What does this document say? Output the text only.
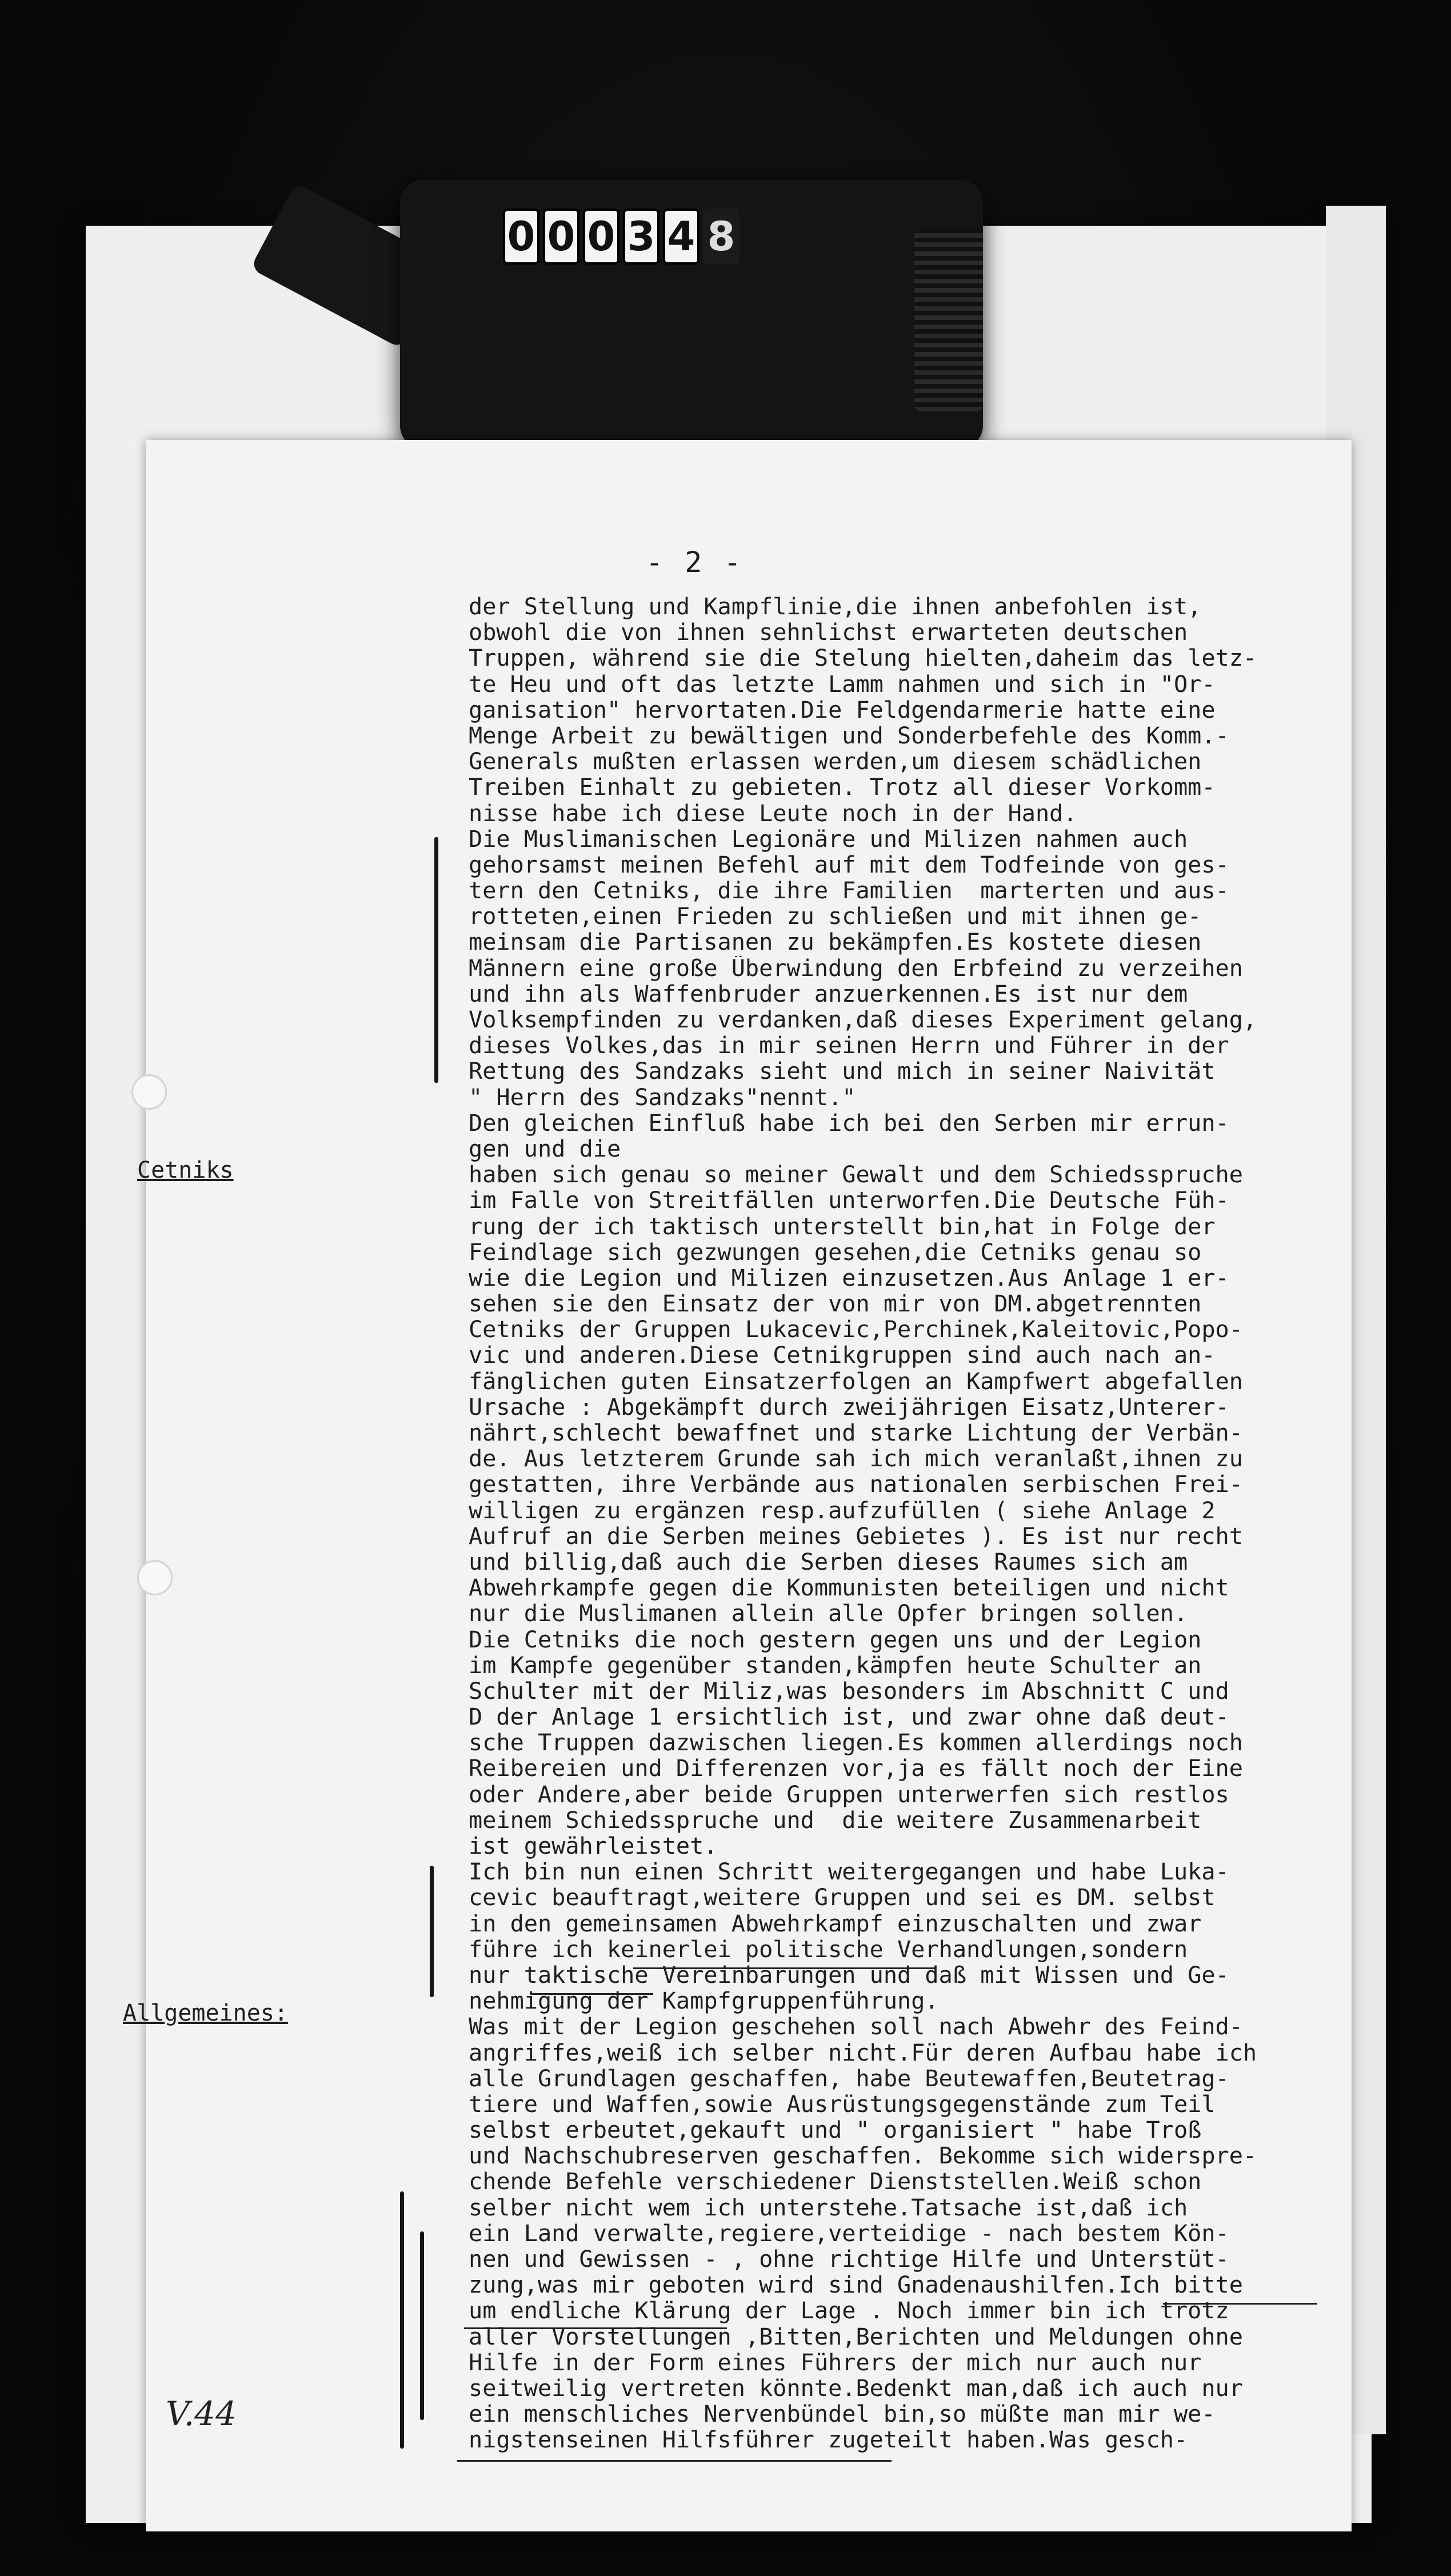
0 0 0 3 4 8
- 2 -
Cetniks
Allgemeines:
V.44
der Stellung und Kampflinie,die ihnen anbefohlen ist,
obwohl die von ihnen sehnlichst erwarteten deutschen
Truppen, während sie die Stelung hielten,daheim das letz-
te Heu und oft das letzte Lamm nahmen und sich in "Or-
ganisation" hervortaten.Die Feldgendarmerie hatte eine
Menge Arbeit zu bewältigen und Sonderbefehle des Komm.-
Generals mußten erlassen werden,um diesem schädlichen
Treiben Einhalt zu gebieten. Trotz all dieser Vorkomm-
nisse habe ich diese Leute noch in der Hand.
Die Muslimanischen Legionäre und Milizen nahmen auch
gehorsamst meinen Befehl auf mit dem Todfeinde von ges-
tern den Cetniks, die ihre Familien  marterten und aus-
rotteten,einen Frieden zu schließen und mit ihnen ge-
meinsam die Partisanen zu bekämpfen.Es kostete diesen
Männern eine große Überwindung den Erbfeind zu verzeihen
und ihn als Waffenbruder anzuerkennen.Es ist nur dem
Volksempfinden zu verdanken,daß dieses Experiment gelang,
dieses Volkes,das in mir seinen Herrn und Führer in der
Rettung des Sandzaks sieht und mich in seiner Naivität
" Herrn des Sandzaks"nennt."
Den gleichen Einfluß habe ich bei den Serben mir errun-
gen und die
haben sich genau so meiner Gewalt und dem Schiedsspruche
im Falle von Streitfällen unterworfen.Die Deutsche Füh-
rung der ich taktisch unterstellt bin,hat in Folge der
Feindlage sich gezwungen gesehen,die Cetniks genau so
wie die Legion und Milizen einzusetzen.Aus Anlage 1 er-
sehen sie den Einsatz der von mir von DM.abgetrennten
Cetniks der Gruppen Lukacevic,Perchinek,Kaleitovic,Popo-
vic und anderen.Diese Cetnikgruppen sind auch nach an-
fänglichen guten Einsatzerfolgen an Kampfwert abgefallen
Ursache : Abgekämpft durch zweijährigen Eisatz,Unterer-
nährt,schlecht bewaffnet und starke Lichtung der Verbän-
de. Aus letzterem Grunde sah ich mich veranlaßt,ihnen zu
gestatten, ihre Verbände aus nationalen serbischen Frei-
willigen zu ergänzen resp.aufzufüllen ( siehe Anlage 2
Aufruf an die Serben meines Gebietes ). Es ist nur recht
und billig,daß auch die Serben dieses Raumes sich am
Abwehrkampfe gegen die Kommunisten beteiligen und nicht
nur die Muslimanen allein alle Opfer bringen sollen.
Die Cetniks die noch gestern gegen uns und der Legion
im Kampfe gegenüber standen,kämpfen heute Schulter an
Schulter mit der Miliz,was besonders im Abschnitt C und
D der Anlage 1 ersichtlich ist, und zwar ohne daß deut-
sche Truppen dazwischen liegen.Es kommen allerdings noch
Reibereien und Differenzen vor,ja es fällt noch der Eine
oder Andere,aber beide Gruppen unterwerfen sich restlos
meinem Schiedsspruche und  die weitere Zusammenarbeit
ist gewährleistet.
Ich bin nun einen Schritt weitergegangen und habe Luka-
cevic beauftragt,weitere Gruppen und sei es DM. selbst
in den gemeinsamen Abwehrkampf einzuschalten und zwar
führe ich keinerlei politische Verhandlungen,sondern
nur taktische Vereinbarungen und daß mit Wissen und Ge-
nehmigung der Kampfgruppenführung.
Was mit der Legion geschehen soll nach Abwehr des Feind-
angriffes,weiß ich selber nicht.Für deren Aufbau habe ich
alle Grundlagen geschaffen, habe Beutewaffen,Beutetrag-
tiere und Waffen,sowie Ausrüstungsgegenstände zum Teil
selbst erbeutet,gekauft und " organisiert " habe Troß
und Nachschubreserven geschaffen. Bekomme sich widerspre-
chende Befehle verschiedener Dienststellen.Weiß schon
selber nicht wem ich unterstehe.Tatsache ist,daß ich
ein Land verwalte,regiere,verteidige - nach bestem Kön-
nen und Gewissen - , ohne richtige Hilfe und Unterstüt-
zung,was mir geboten wird sind Gnadenaushilfen.Ich bitte
um endliche Klärung der Lage . Noch immer bin ich trotz
aller Vorstellungen ,Bitten,Berichten und Meldungen ohne
Hilfe in der Form eines Führers der mich nur auch nur
seitweilig vertreten könnte.Bedenkt man,daß ich auch nur
ein menschliches Nervenbündel bin,so müßte man mir we-
nigstenseinen Hilfsführer zugeteilt haben.Was gesch-
